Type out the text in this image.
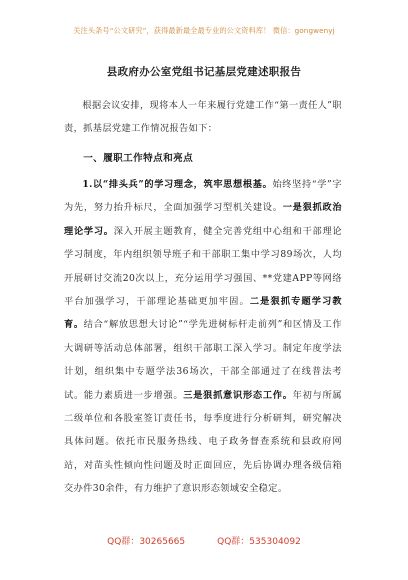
关注头条号“公文研究”，获得最新最全最专业的公文资料库！ 微信：gongwenyj
县政府办公室党组书记基层党建述职报告
根据会议安排，现将本人一年来履行党建工作“第一责任人”职责，抓基层党建工作情况报告如下：
一、履职工作特点和亮点
1.以“排头兵”的学习理念，筑牢思想根基。始终坚持“学”字为先，努力抬升标尺，全面加强学习型机关建设。一是狠抓政治理论学习。深入开展主题教育，健全完善党组中心组和干部理论学习制度，年内组织领导班子和干部职工集中学习89场次，人均开展研讨交流20次以上，充分运用学习强国、**党建APP等网络平台加强学习，干部理论基础更加牢固。二是狠抓专题学习教育。结合“解放思想大讨论”“学先进树标杆走前列”和区情及工作大调研等活动总体部署，组织干部职工深入学习。制定年度学法计划，组织集中专题学法36场次，干部全部通过了在线普法考试。能力素质进一步增强。三是狠抓意识形态工作。年初与所属二级单位和各股室签订责任书，每季度进行分析研判，研究解决具体问题。依托市民服务热线、电子政务督查系统和县政府网站，对苗头性倾向性问题及时正面回应，先后协调办理各级信箱交办件30余件，有力维护了意识形态领域安全稳定。
QQ群：30265665	QQ群：535304092
